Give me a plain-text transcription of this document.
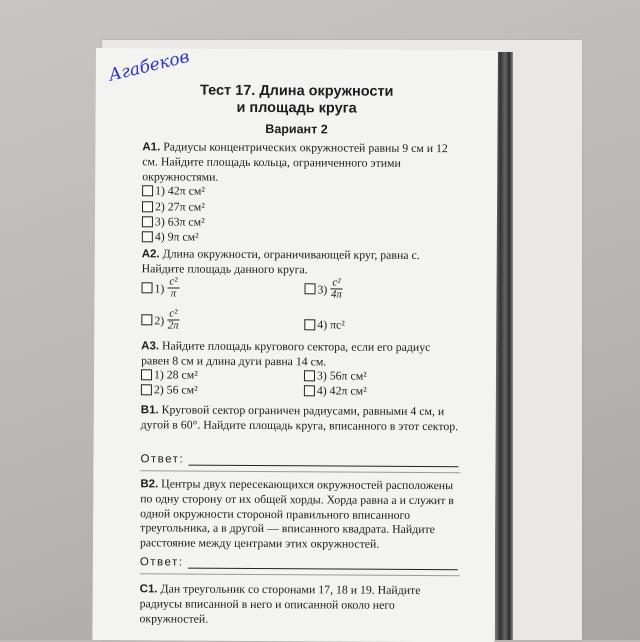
Агабеков
Тест 17. Длина окружности
и площадь круга
Вариант 2
А1. Радиусы концентрических окружностей равны 9 см и 12 см. Найдите площадь кольца, ограниченного этими окружностями.
1) 42π см²
2) 27π см²
3) 63π см²
4) 9π см²
А2. Длина окружности, ограничивающей круг, равна c. Найдите площадь данного круга.
$1) \frac{\text{c²}}{\pi}$	$3) \frac{\text{c²}}{4\pi}$
$2) \frac{\text{c²}}{2\pi}$	4) πc²
А3. Найдите площадь кругового сектора, если его радиус равен 8 см и длина дуги равна 14 см.
1) 28 см²	3) 56π см²
2) 56 см²	4) 42π см²
В1. Круговой сектор ограничен радиусами, равными 4 см, и дугой в 60°. Найдите площадь круга, вписанного в этот сектор.
Ответ:
В2. Центры двух пересекающихся окружностей расположены по одну сторону от их общей хорды. Хорда равна a и служит в одной окружности стороной правильного вписанного треугольника, а в другой — вписанного квадрата. Найдите расстояние между центрами этих окружностей.
Ответ:
С1. Дан треугольник со сторонами 17, 18 и 19. Найдите радиусы вписанной в него и описанной около него окружностей.
